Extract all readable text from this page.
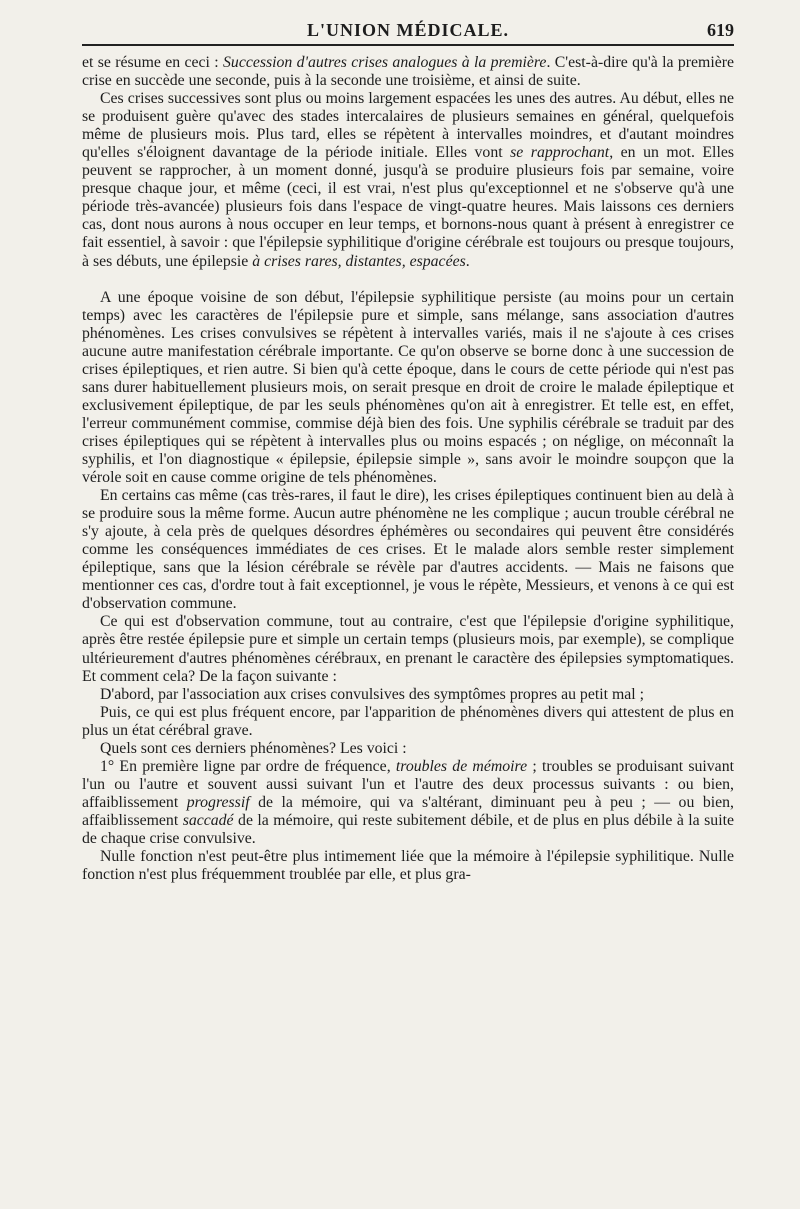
L'UNION MÉDICALE.	619

et se résume en ceci : Succession d'autres crises analogues à la première. C'est-à-dire qu'à la première crise en succède une seconde, puis à la seconde une troisième, et ainsi de suite.

Ces crises successives sont plus ou moins largement espacées les unes des autres. Au début, elles ne se produisent guère qu'avec des stades intercalaires de plusieurs semaines en général, quelquefois même de plusieurs mois. Plus tard, elles se répètent à intervalles moindres, et d'autant moindres qu'elles s'éloignent davantage de la période initiale. Elles vont se rapprochant, en un mot. Elles peuvent se rapprocher, à un moment donné, jusqu'à se produire plusieurs fois par semaine, voire presque chaque jour, et même (ceci, il est vrai, n'est plus qu'exceptionnel et ne s'observe qu'à une période très-avancée) plusieurs fois dans l'espace de vingt-quatre heures. Mais laissons ces derniers cas, dont nous aurons à nous occuper en leur temps, et bornons-nous quant à présent à enregistrer ce fait essentiel, à savoir : que l'épilepsie syphilitique d'origine cérébrale est toujours ou presque toujours, à ses débuts, une épilepsie à crises rares, distantes, espacées.

A une époque voisine de son début, l'épilepsie syphilitique persiste (au moins pour un certain temps) avec les caractères de l'épilepsie pure et simple, sans mélange, sans association d'autres phénomènes. Les crises convulsives se répètent à intervalles variés, mais il ne s'ajoute à ces crises aucune autre manifestation cérébrale importante. Ce qu'on observe se borne donc à une succession de crises épileptiques, et rien autre. Si bien qu'à cette époque, dans le cours de cette période qui n'est pas sans durer habituellement plusieurs mois, on serait presque en droit de croire le malade épileptique et exclusivement épileptique, de par les seuls phénomènes qu'on ait à enregistrer. Et telle est, en effet, l'erreur communément commise, commise déjà bien des fois. Une syphilis cérébrale se traduit par des crises épileptiques qui se répètent à intervalles plus ou moins espacés ; on néglige, on méconnaît la syphilis, et l'on diagnostique « épilepsie, épilepsie simple », sans avoir le moindre soupçon que la vérole soit en cause comme origine de tels phénomènes.

En certains cas même (cas très-rares, il faut le dire), les crises épileptiques continuent bien au delà à se produire sous la même forme. Aucun autre phénomène ne les complique ; aucun trouble cérébral ne s'y ajoute, à cela près de quelques désordres éphémères ou secondaires qui peuvent être considérés comme les conséquences immédiates de ces crises. Et le malade alors semble rester simplement épileptique, sans que la lésion cérébrale se révèle par d'autres accidents. — Mais ne faisons que mentionner ces cas, d'ordre tout à fait exceptionnel, je vous le répète, Messieurs, et venons à ce qui est d'observation commune.

Ce qui est d'observation commune, tout au contraire, c'est que l'épilepsie d'origine syphilitique, après être restée épilepsie pure et simple un certain temps (plusieurs mois, par exemple), se complique ultérieurement d'autres phénomènes cérébraux, en prenant le caractère des épilepsies symptomatiques. Et comment cela? De la façon suivante :

D'abord, par l'association aux crises convulsives des symptômes propres au petit mal ;

Puis, ce qui est plus fréquent encore, par l'apparition de phénomènes divers qui attestent de plus en plus un état cérébral grave.

Quels sont ces derniers phénomènes? Les voici :

1° En première ligne par ordre de fréquence, troubles de mémoire ; troubles se produisant suivant l'un ou l'autre et souvent aussi suivant l'un et l'autre des deux processus suivants : ou bien, affaiblissement progressif de la mémoire, qui va s'altérant, diminuant peu à peu ; — ou bien, affaiblissement saccadé de la mémoire, qui reste subitement débile, et de plus en plus débile à la suite de chaque crise convulsive.

Nulle fonction n'est peut-être plus intimement liée que la mémoire à l'épilepsie syphilitique. Nulle fonction n'est plus fréquemment troublée par elle, et plus gra-
